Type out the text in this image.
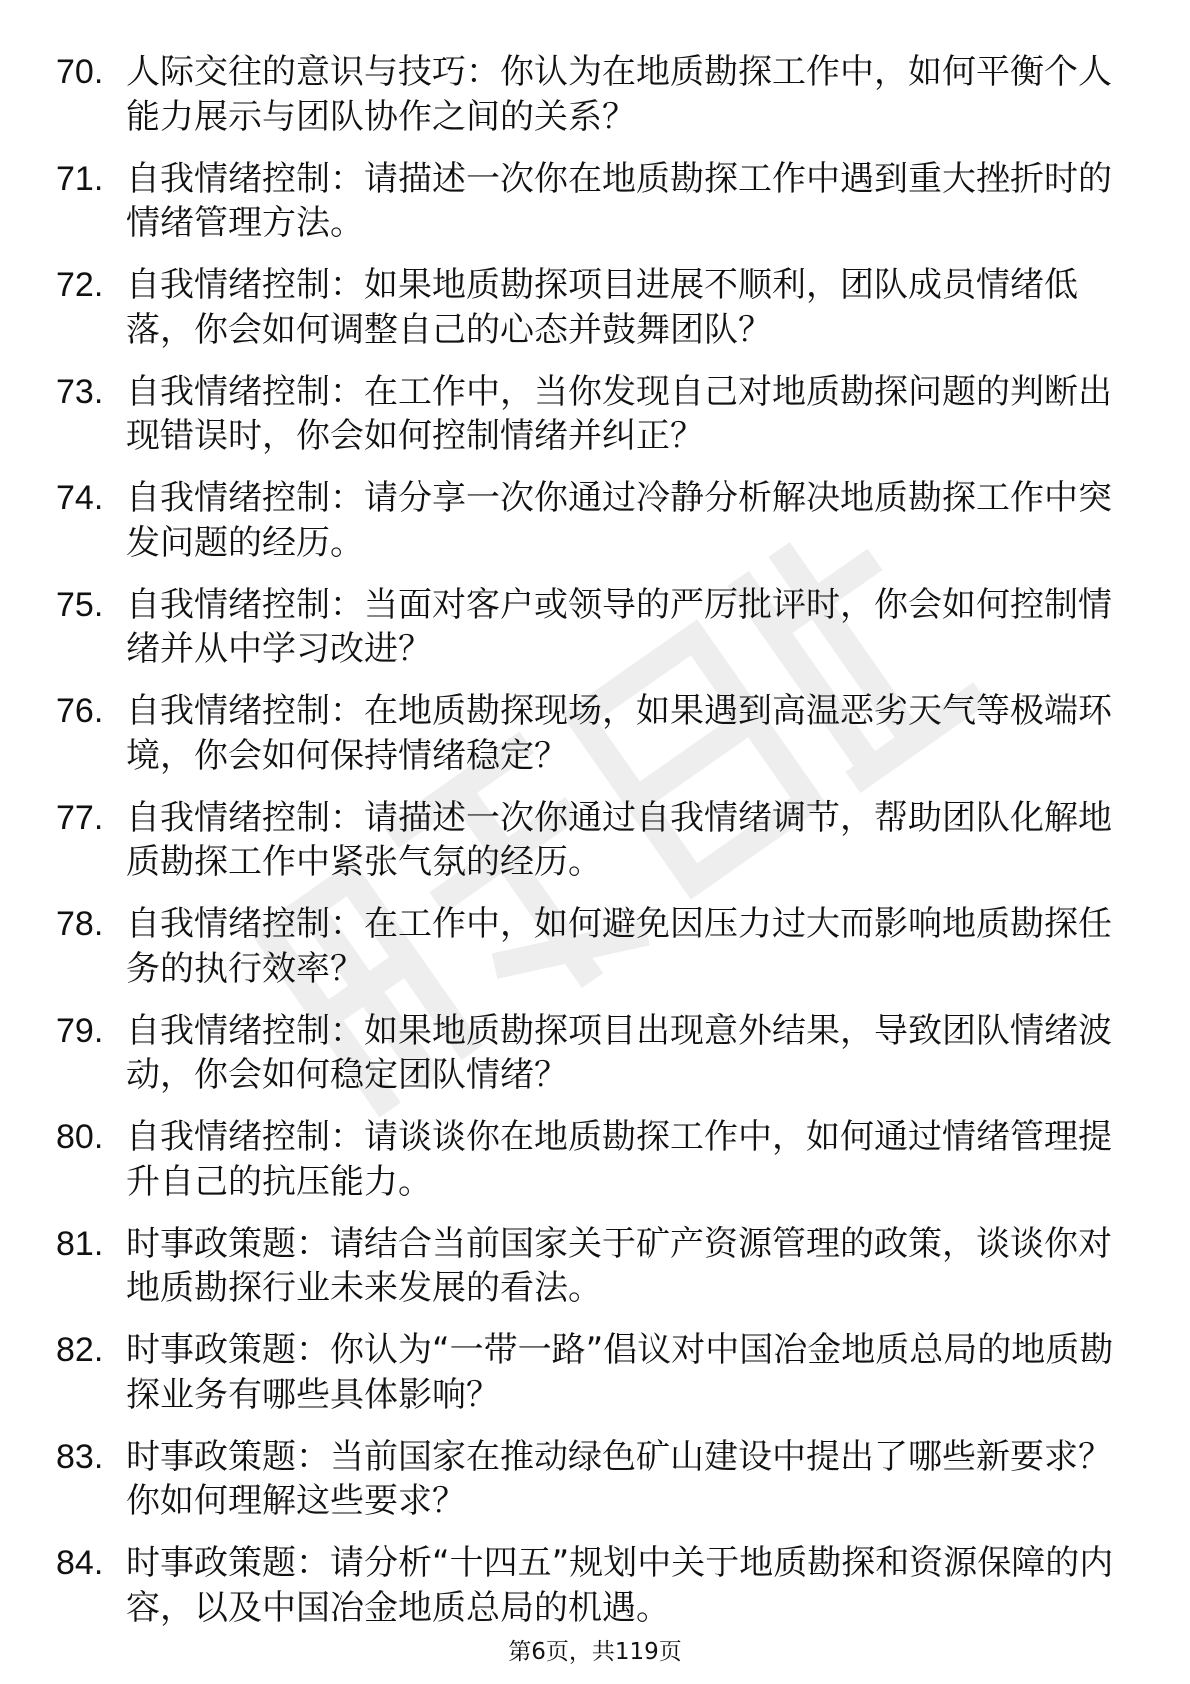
70. 人际交往的意识与技巧：你认为在地质勘探工作中，如何平衡个人能力展示与团队协作之间的关系？
71. 自我情绪控制：请描述一次你在地质勘探工作中遇到重大挫折时的情绪管理方法。
72. 自我情绪控制：如果地质勘探项目进展不顺利，团队成员情绪低落，你会如何调整自己的心态并鼓舞团队？
73. 自我情绪控制：在工作中，当你发现自己对地质勘探问题的判断出现错误时，你会如何控制情绪并纠正？
74. 自我情绪控制：请分享一次你通过冷静分析解决地质勘探工作中突发问题的经历。
75. 自我情绪控制：当面对客户或领导的严厉批评时，你会如何控制情绪并从中学习改进？
76. 自我情绪控制：在地质勘探现场，如果遇到高温恶劣天气等极端环境，你会如何保持情绪稳定？
77. 自我情绪控制：请描述一次你通过自我情绪调节，帮助团队化解地质勘探工作中紧张气氛的经历。
78. 自我情绪控制：在工作中，如何避免因压力过大而影响地质勘探任务的执行效率？
79. 自我情绪控制：如果地质勘探项目出现意外结果，导致团队情绪波动，你会如何稳定团队情绪？
80. 自我情绪控制：请谈谈你在地质勘探工作中，如何通过情绪管理提升自己的抗压能力。
81. 时事政策题：请结合当前国家关于矿产资源管理的政策，谈谈你对地质勘探行业未来发展的看法。
82. 时事政策题：你认为“一带一路”倡议对中国冶金地质总局的地质勘探业务有哪些具体影响？
83. 时事政策题：当前国家在推动绿色矿山建设中提出了哪些新要求？你如何理解这些要求？
84. 时事政策题：请分析“十四五”规划中关于地质勘探和资源保障的内容，以及中国冶金地质总局的机遇。
第6页，共119页
